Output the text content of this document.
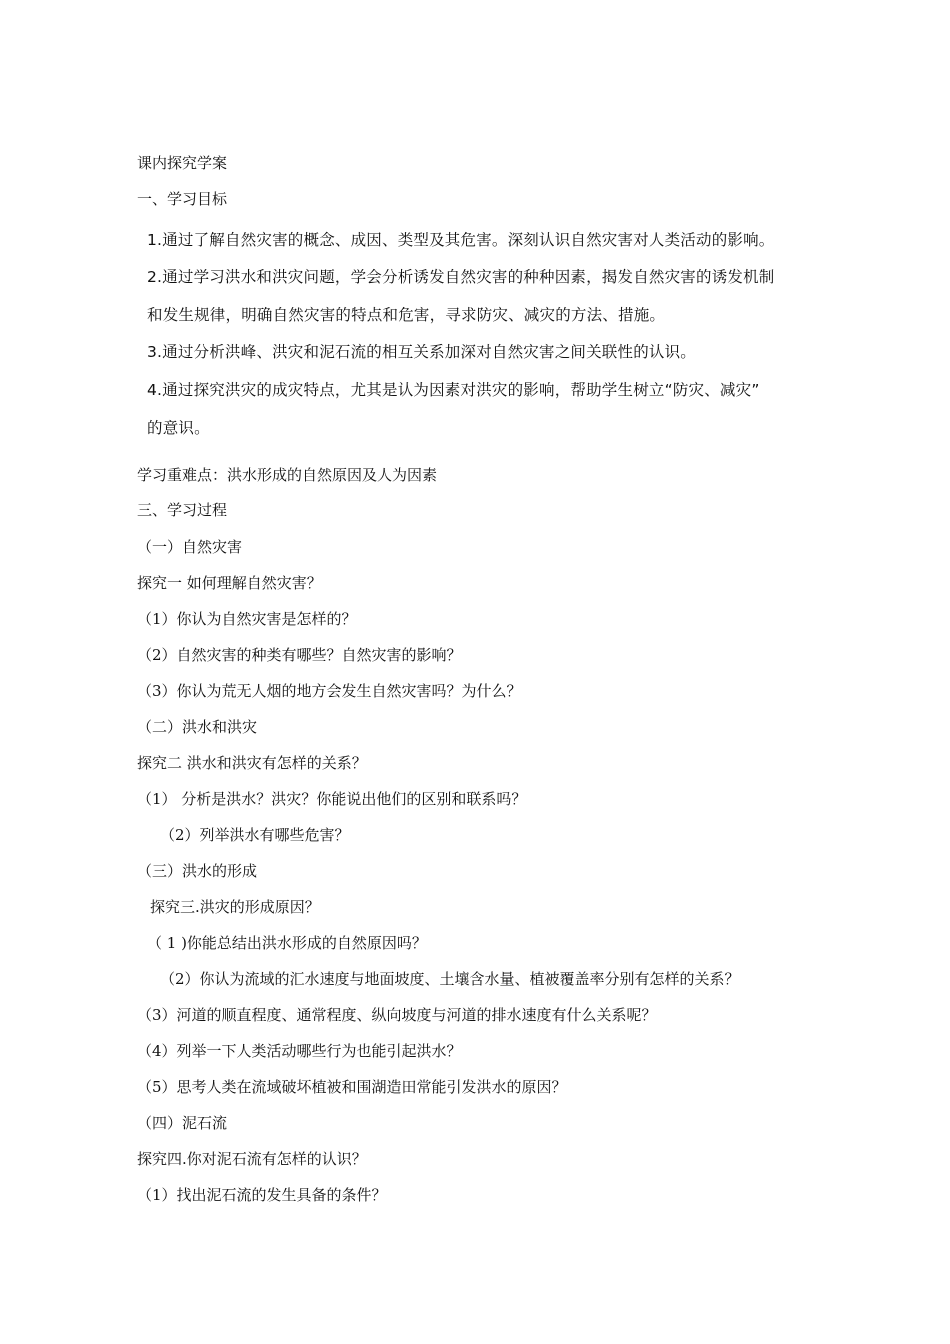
课内探究学案
一、学习目标
1.通过了解自然灾害的概念、成因、类型及其危害。深刻认识自然灾害对人类活动的影响。
2.通过学习洪水和洪灾问题，学会分析诱发自然灾害的种种因素，揭发自然灾害的诱发机制
和发生规律，明确自然灾害的特点和危害，寻求防灾、减灾的方法、措施。
3.通过分析洪峰、洪灾和泥石流的相互关系加深对自然灾害之间关联性的认识。
4.通过探究洪灾的成灾特点，尤其是认为因素对洪灾的影响，帮助学生树立“防灾、减灾”
的意识。
学习重难点：洪水形成的自然原因及人为因素
三、学习过程
（一）自然灾害
探究一 如何理解自然灾害？
（1）你认为自然灾害是怎样的？
（2）自然灾害的种类有哪些？自然灾害的影响？
（3）你认为荒无人烟的地方会发生自然灾害吗？为什么？
（二）洪水和洪灾
探究二 洪水和洪灾有怎样的关系？
（1） 分析是洪水？洪灾？你能说出他们的区别和联系吗？
（2）列举洪水有哪些危害？
（三）洪水的形成
探究三.洪灾的形成原因？
（ 1 )你能总结出洪水形成的自然原因吗？
（2）你认为流域的汇水速度与地面坡度、土壤含水量、植被覆盖率分别有怎样的关系？
（3）河道的顺直程度、通常程度、纵向坡度与河道的排水速度有什么关系呢？
（4）列举一下人类活动哪些行为也能引起洪水？
（5）思考人类在流域破坏植被和围湖造田常能引发洪水的原因？
（四）泥石流
探究四.你对泥石流有怎样的认识？
（1）找出泥石流的发生具备的条件？
